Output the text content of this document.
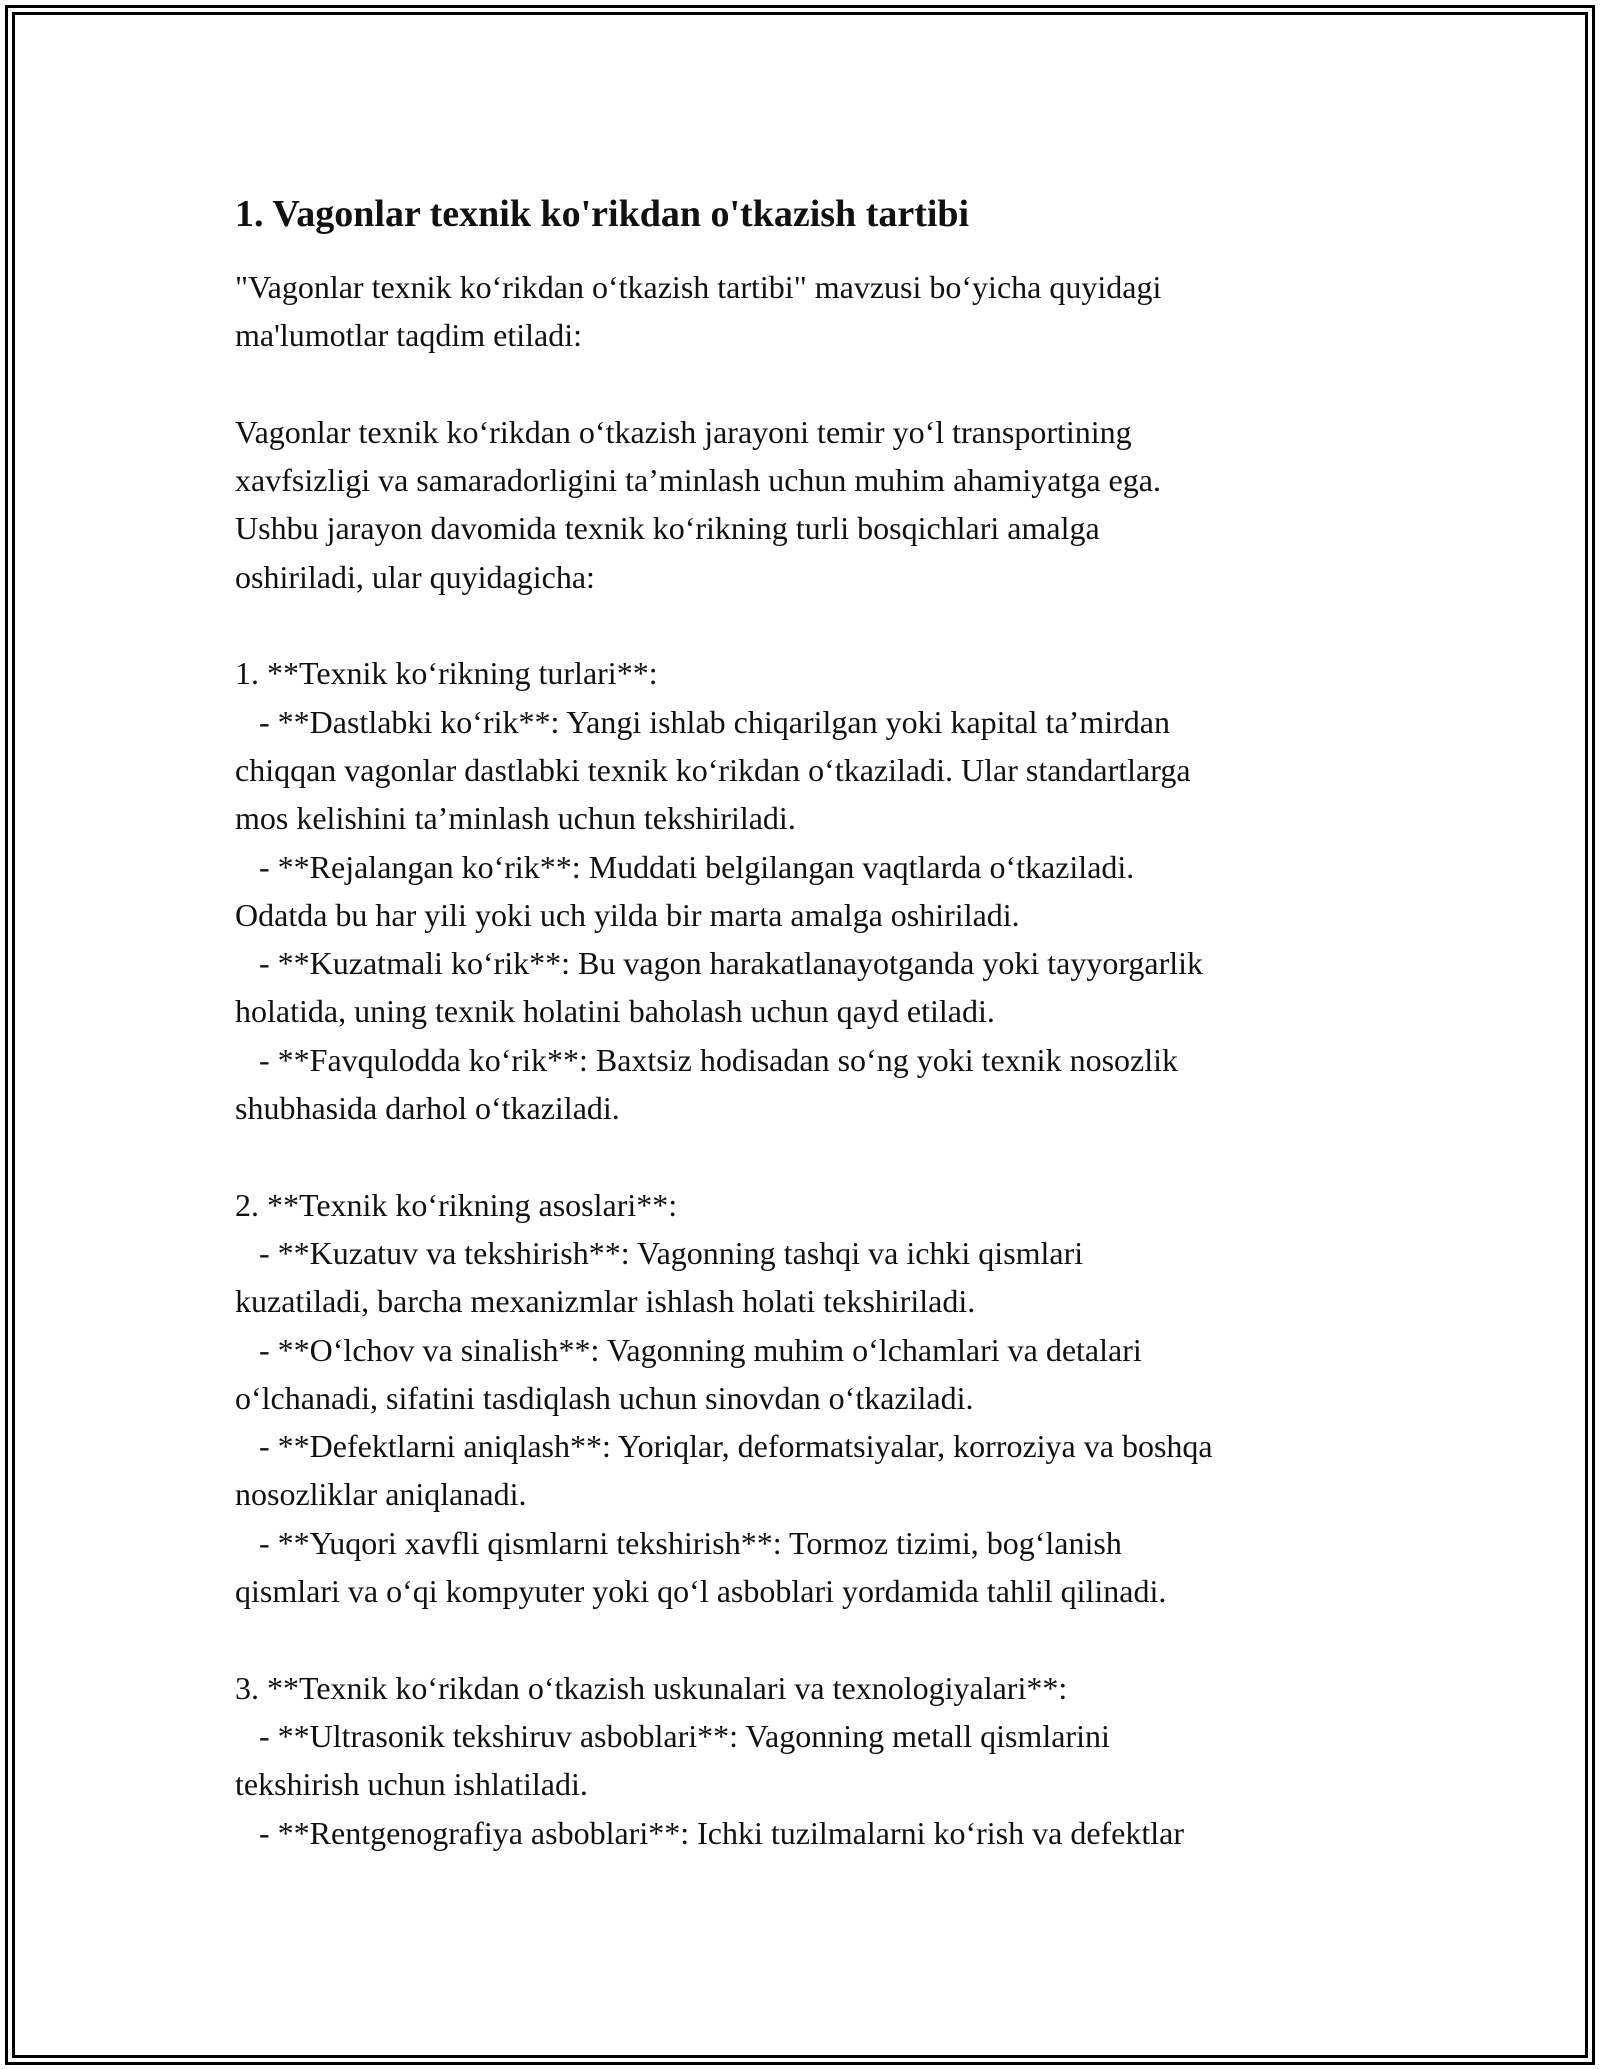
1. Vagonlar texnik ko'rikdan o'tkazish tartibi
"Vagonlar texnik ko‘rikdan o‘tkazish tartibi" mavzusi bo‘yicha quyidagi
ma'lumotlar taqdim etiladi:
Vagonlar texnik ko‘rikdan o‘tkazish jarayoni temir yo‘l transportining
xavfsizligi va samaradorligini ta’minlash uchun muhim ahamiyatga ega.
Ushbu jarayon davomida texnik ko‘rikning turli bosqichlari amalga
oshiriladi, ular quyidagicha:
1. **Texnik ko‘rikning turlari**:
- **Dastlabki ko‘rik**: Yangi ishlab chiqarilgan yoki kapital ta’mirdan
chiqqan vagonlar dastlabki texnik ko‘rikdan o‘tkaziladi. Ular standartlarga
mos kelishini ta’minlash uchun tekshiriladi.
- **Rejalangan ko‘rik**: Muddati belgilangan vaqtlarda o‘tkaziladi.
Odatda bu har yili yoki uch yilda bir marta amalga oshiriladi.
- **Kuzatmali ko‘rik**: Bu vagon harakatlanayotganda yoki tayyorgarlik
holatida, uning texnik holatini baholash uchun qayd etiladi.
- **Favqulodda ko‘rik**: Baxtsiz hodisadan so‘ng yoki texnik nosozlik
shubhasida darhol o‘tkaziladi.
2. **Texnik ko‘rikning asoslari**:
- **Kuzatuv va tekshirish**: Vagonning tashqi va ichki qismlari
kuzatiladi, barcha mexanizmlar ishlash holati tekshiriladi.
- **O‘lchov va sinalish**: Vagonning muhim o‘lchamlari va detalari
o‘lchanadi, sifatini tasdiqlash uchun sinovdan o‘tkaziladi.
- **Defektlarni aniqlash**: Yoriqlar, deformatsiyalar, korroziya va boshqa
nosozliklar aniqlanadi.
- **Yuqori xavfli qismlarni tekshirish**: Tormoz tizimi, bog‘lanish
qismlari va o‘qi kompyuter yoki qo‘l asboblari yordamida tahlil qilinadi.
3. **Texnik ko‘rikdan o‘tkazish uskunalari va texnologiyalari**:
- **Ultrasonik tekshiruv asboblari**: Vagonning metall qismlarini
tekshirish uchun ishlatiladi.
- **Rentgenografiya asboblari**: Ichki tuzilmalarni ko‘rish va defektlar
